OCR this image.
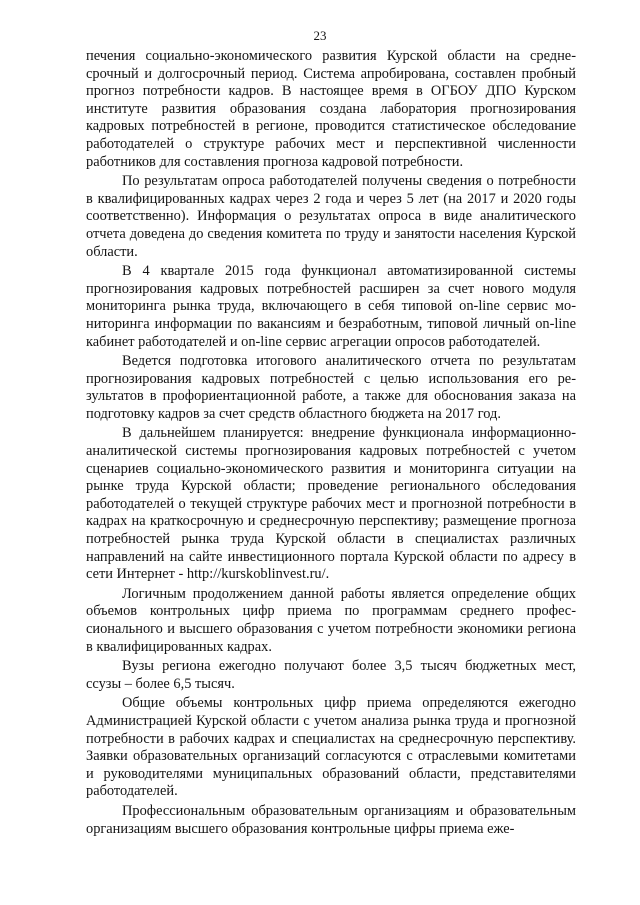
23

печения социально-экономического развития Курской области на среднесрочный и долгосрочный период. Система апробирована, составлен пробный прогноз потребности кадров. В настоящее время в ОГБОУ ДПО Курском институте развития образования создана лаборатория прогнозирования кадровых потребностей в регионе, проводится статистическое обследование работодателей о структуре рабочих мест и перспективной численности работников для составления прогноза кадровой потребности.

По результатам опроса работодателей получены сведения о потребности в квалифицированных кадрах через 2 года и через 5 лет (на 2017 и 2020 годы соответственно). Информация о результатах опроса в виде аналитического отчета доведена до сведения комитета по труду и занятости населения Курской области.

В 4 квартале 2015 года функционал автоматизированной системы прогнозирования кадровых потребностей расширен за счет нового модуля мониторинга рынка труда, включающего в себя типовой on-line сервис мониторинга информации по вакансиям и безработным, типовой личный on-line кабинет работодателей и on-line сервис агрегации опросов работодателей.

Ведется подготовка итогового аналитического отчета по результатам прогнозирования кадровых потребностей с целью использования его результатов в профориентационной работе, а также для обоснования заказа на подготовку кадров за счет средств областного бюджета на 2017 год.

В дальнейшем планируется: внедрение функционала информационно-аналитической системы прогнозирования кадровых потребностей с учетом сценариев социально-экономического развития и мониторинга ситуации на рынке труда Курской области; проведение регионального обследования работодателей о текущей структуре рабочих мест и прогнозной потребности в кадрах на краткосрочную и среднесрочную перспективу; размещение прогноза потребностей рынка труда Курской области в специалистах различных направлений на сайте инвестиционного портала Курской области по адресу в сети Интернет - http://kurskoblinvest.ru/.

Логичным продолжением данной работы является определение общих объемов контрольных цифр приема по программам среднего профессионального и высшего образования с учетом потребности экономики региона в квалифицированных кадрах.

Вузы региона ежегодно получают более 3,5 тысяч бюджетных мест, ссузы – более 6,5 тысяч.

Общие объемы контрольных цифр приема определяются ежегодно Администрацией Курской области с учетом анализа рынка труда и прогнозной потребности в рабочих кадрах и специалистах на среднесрочную перспективу. Заявки образовательных организаций согласуются с отраслевыми комитетами и руководителями муниципальных образований области, представителями работодателей.

Профессиональным образовательным организациям и образовательным организациям высшего образования контрольные цифры приема еже-
